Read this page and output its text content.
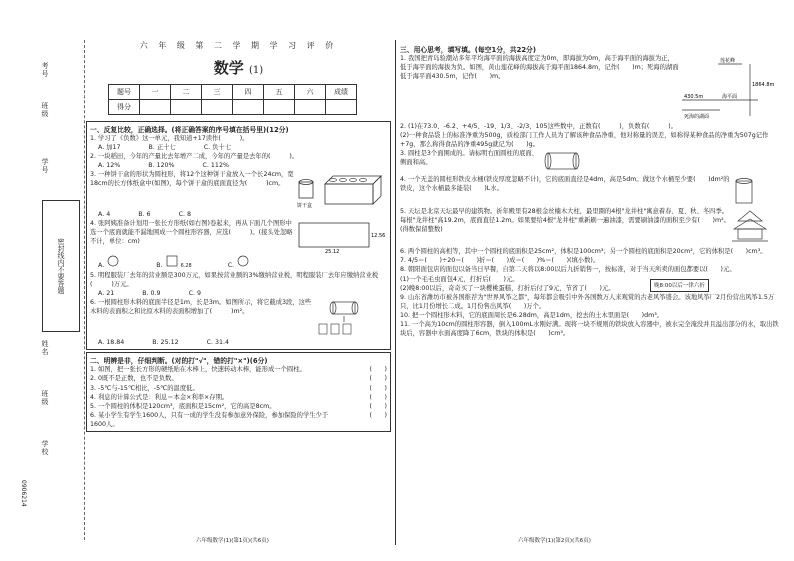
考号
班级
学号
密封线内不要答题
姓名
班级
学校
0906214
六 年 级 第 二 学 期 学 习 评 价
数学 (1)
题号	一	二	三	四	五	六	成绩
得分							
一、反复比较，正确选择。(将正确答案的序号填在括号里)(12分)
1. 学习了《负数》这一单元，我知道+17读作(　　　)。
A. 加17	B. 正十七	C. 负十七
2. 一块稻田，今年的产量比去年增产二成，今年的产量是去年的(　　　)。
A. 12%	B. 120%	C. 112%
3. 一种饼干盒的形状为圆柱形，将12个这种饼干盒放入一个长24cm，宽18cm的长方体纸盒中(如图)，每个饼干盒的底面直径为(　　　)cm。
饼干盒
A. 4	B. 6	C. 8
4. 张阿姨准备计划用一张长方形纸(如右图)卷起来，再从下面几个图形中选一个底面就能不漏地围成一个圆柱形容器，应选(　　　)。(接头处忽略不计，单位：cm)
12.56
25.12
A.	B.	6.28	C.
5. 明程服装厂去年的营业额是300万元，如果按营业额的3%缴纳营业税，明程服装厂去年应缴纳营业税(　　　)万元。
A. 21	B. 0.9	C. 9
6. 一根圆柱形木料的底面半径是1m，长是3m。如图所示，将它截成3段，这些木料的表面积之和比原木料的表面积增加了(　　　)m²。
A. 18.84	B. 25.12	C. 31.4
二、明辨是非，仔细判断。(对的打"√"，错的打"×")(6分)
1. 如图，把一张长方形的硬纸贴在木棒上，快速转动木棒，能形成一个圆柱。	(　　)
2. 0既不是正数，也不是负数。	(　　)
3. -5℃与-15℃相比，-5℃的温度低。	(　　)
4. 利息的计算公式是：利息＝本金×利率×存期。	(　　)
5. 一个圆柱的体积是120cm³，底面积是15cm²，它的高是8cm。	(　　)
6. 某小学生有学生1600人，只有一成的学生没有参加意外保险，参加保险的学生少于1600人。
(　　)
三、用心思考，填写填。(每空1分，共22分)
1. 我国把青岛验潮站多年平均海平面的海拔高度定为0m，即海拔为0m，高于海平面的海拔为正，低于海平面的海拔为负。如图，黄山莲花峰的海拔高于海平面1864.8m，记作(　　)m；死海的湖面低于海平面430.5m，记作(　　)m。
莲花峰
1864.8m
海平面
430.5m
死海的湖面
2. (1)在73.0、-6.2、+4/5、-19、1/3、-2/3、105这些数中，正数有(　　　)，负数有(　　　)。
(2)一种食品袋上的标准净重为500g，质检部门工作人员为了解该种食品净重，他对称量的误差，如称得某种食品的净重为507g记作+7g，那么称得食品的净重495g就记为(　　)g。
3. 圆柱是3个面围成的。请标明右面圆柱的底面、侧面和高。
4. 一个无盖的圆柱形铁皮水桶(铁皮厚度忽略不计)，它的底面直径是4dm，高是5dm。做这个水桶至少要(　　)dm²的铁皮，这个水桶最多能装(　　)L水。
5. 天坛是北京天坛最早的建筑物。祈年殿里有28根金丝楠木大柱，最里圈的4根"龙井柱"寓意着春、夏、秋、冬四季。每根"龙井柱"高19.2m，底面直径1.2m。如果要给4根"龙井柱"重新刷一遍油漆，需要刷油漆的面积至少有(　　)m²。(得数保留整数)
6. 两个圆柱的高相等，其中一个圆柱的底面积是25cm²，体积是100cm³；另一个圆柱的底面积是20cm²，它的体积是(　　)cm³。
7. 4/5＝(　　)÷20＝(　　)折＝(　　)成＝(　　)%＝(　　)(填小数)。
8. 朝阳面包店的面包以备当日早餐，自第二天将以8:00以后九折销售一，按标准，对于当天所卖的面包都要以(　　)元。
(1)一个毛毛虫面包4元，打折后(　　)元。
(2)晚8:00以后，奇奇买了一块樱桃蛋糕，打折后付了9元，节省了(　　)元。	晚8:00以后一律六折
9. 山东省潍坊市被各国推荐为"世界风筝之都"，每年都会吸引中外各国数万人来观赏的古老风筝盛会。该地风筝厂2月份营出风筝1.5万只，比1月份增长二成。1月份售出风筝(　　)万个。
10. 把一个圆柱形木料，它的底面周长是6.28dm，高是1dm，挖去的土木里面是(　　)dm³。
11. 一个高为10cm的圆柱形容器，倒入100mL水刚好满。现将一块不规则的铁块放入容器中，被水完全淹没并且溢出部分的水，取出铁块后，容器中水面高度降了6cm，铁块的体积是(　　)cm³。
六年级数学(1)(第1页)(共6页)	六年级数学(1)(第2页)(共6页)
